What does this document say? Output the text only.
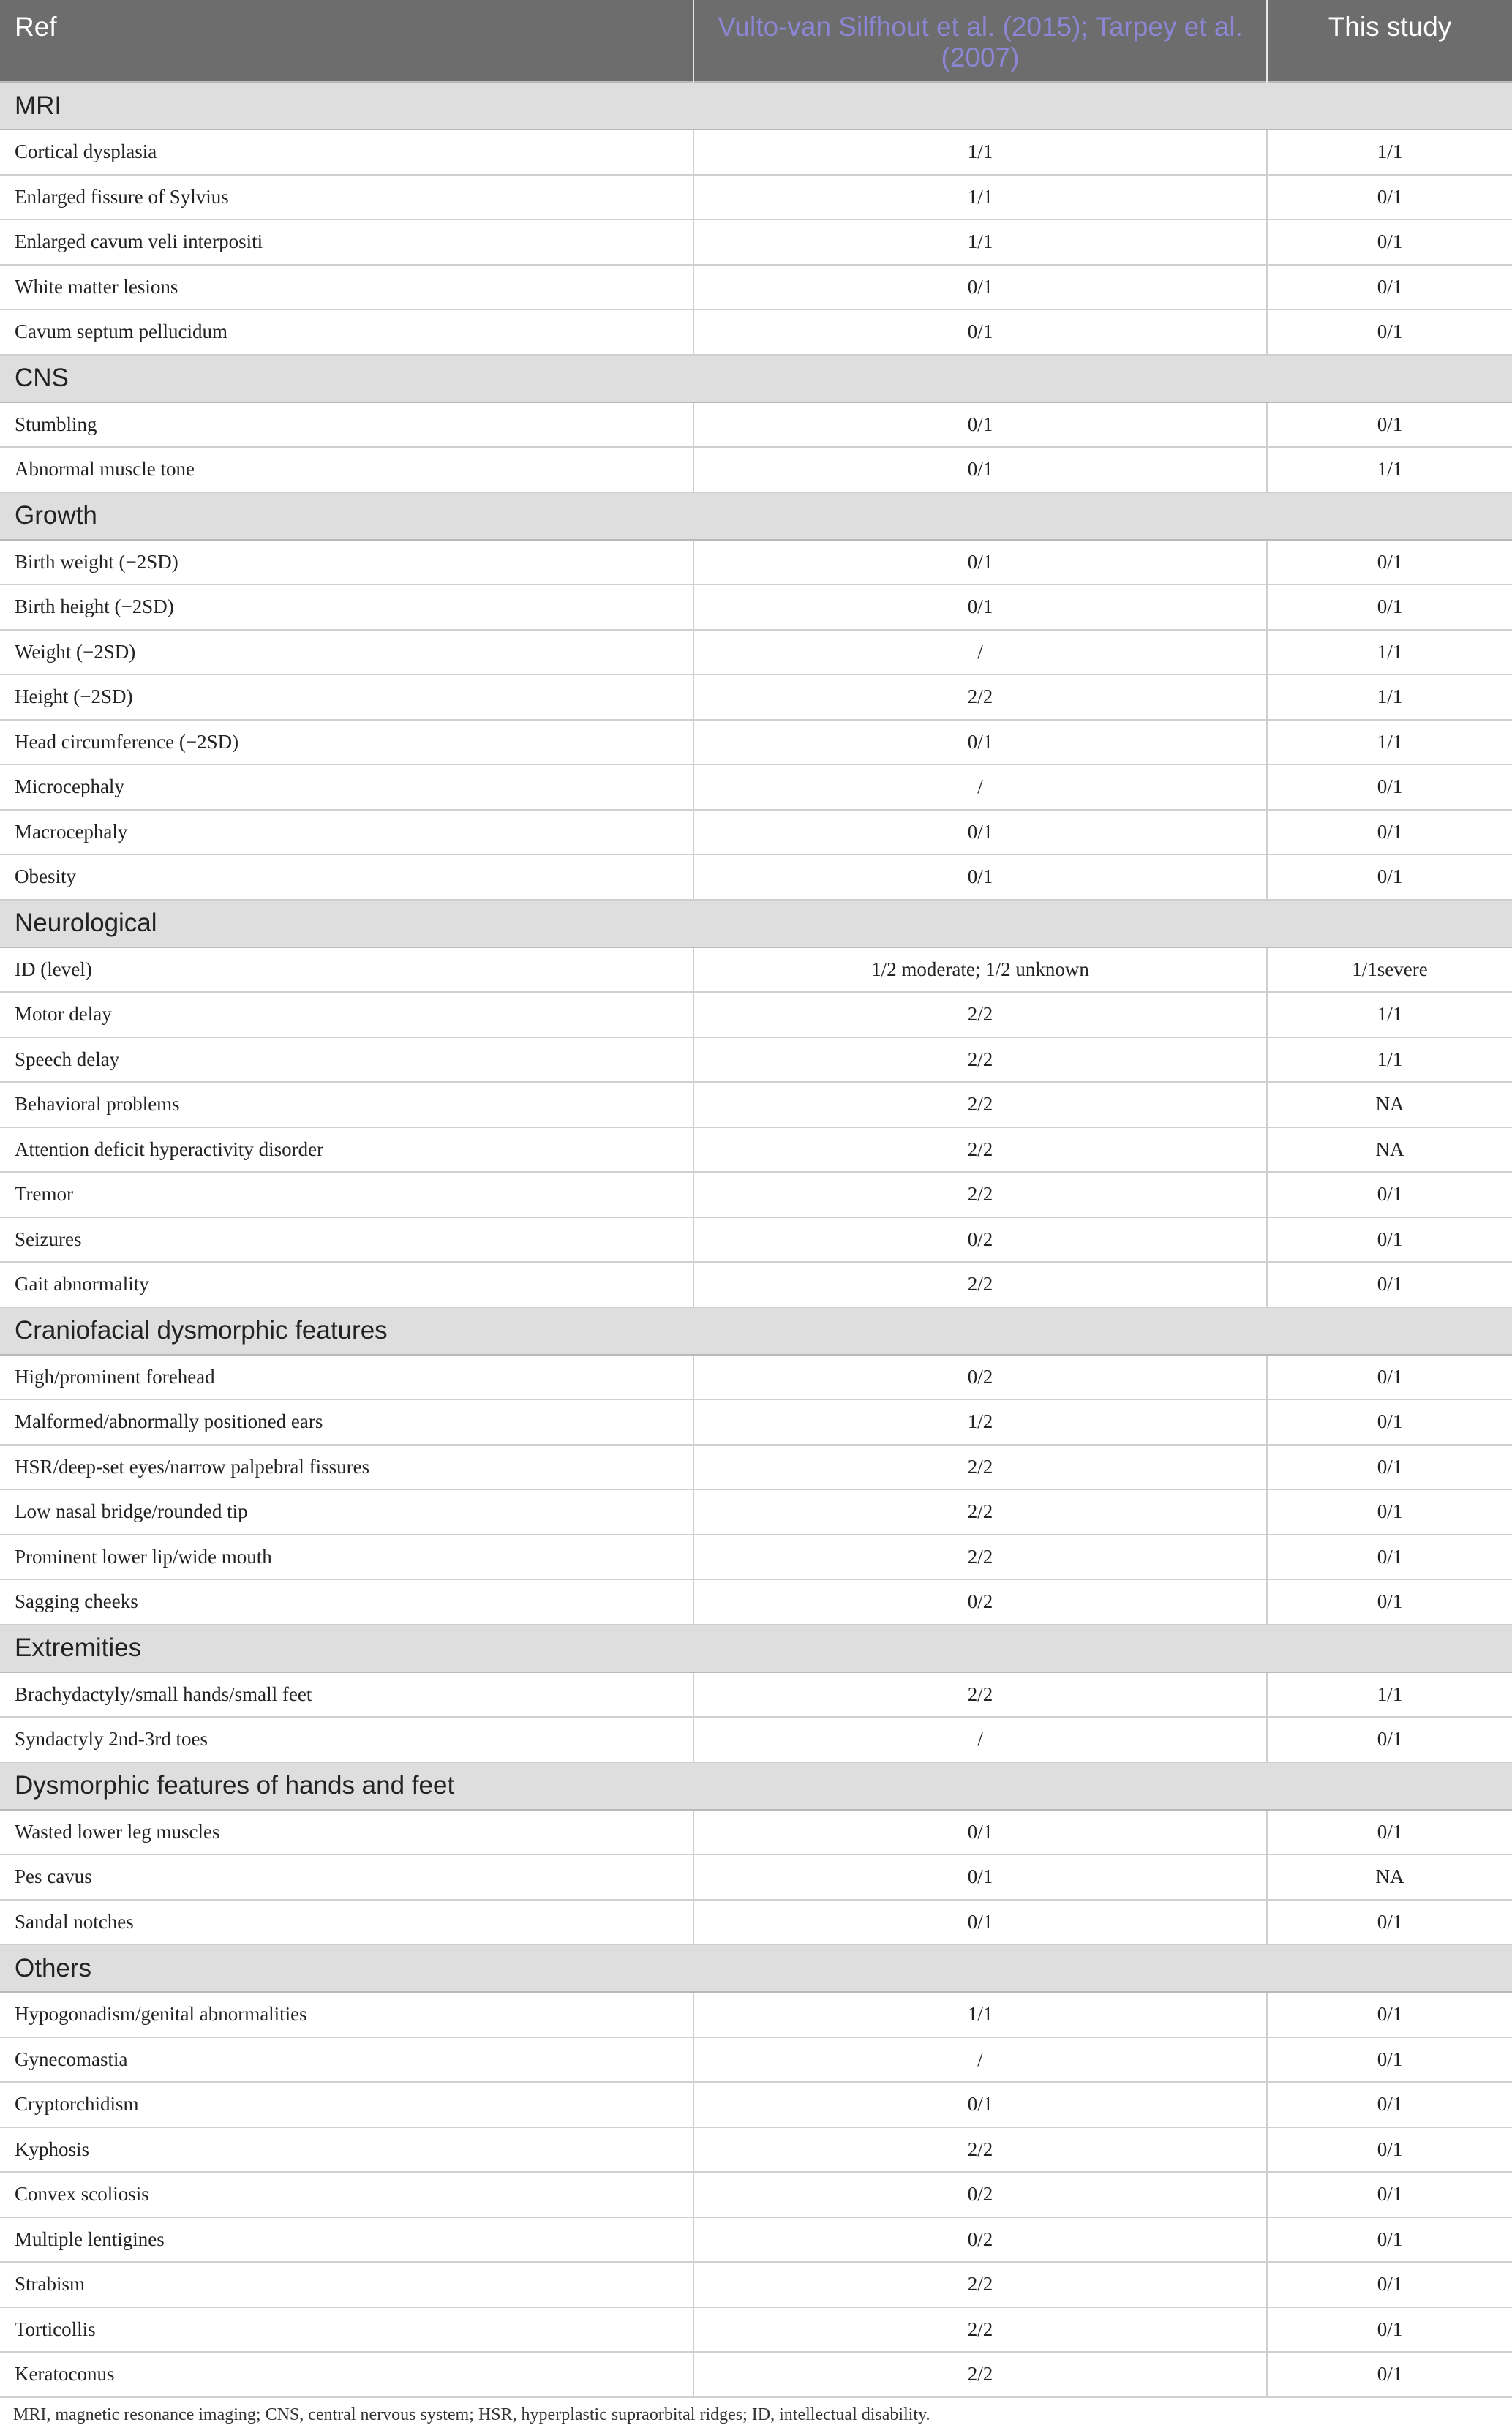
Ref	Vulto-van Silfhout et al. (2015); Tarpey et al. (2007)	This study
MRI		
Cortical dysplasia	1/1	1/1
Enlarged fissure of Sylvius	1/1	0/1
Enlarged cavum veli interpositi	1/1	0/1
White matter lesions	0/1	0/1
Cavum septum pellucidum	0/1	0/1
CNS		
Stumbling	0/1	0/1
Abnormal muscle tone	0/1	1/1
Growth		
Birth weight (−2SD)	0/1	0/1
Birth height (−2SD)	0/1	0/1
Weight (−2SD)	/	1/1
Height (−2SD)	2/2	1/1
Head circumference (−2SD)	0/1	1/1
Microcephaly	/	0/1
Macrocephaly	0/1	0/1
Obesity	0/1	0/1
Neurological		
ID (level)	1/2 moderate; 1/2 unknown	1/1severe
Motor delay	2/2	1/1
Speech delay	2/2	1/1
Behavioral problems	2/2	NA
Attention deficit hyperactivity disorder	2/2	NA
Tremor	2/2	0/1
Seizures	0/2	0/1
Gait abnormality	2/2	0/1
Craniofacial dysmorphic features		
High/prominent forehead	0/2	0/1
Malformed/abnormally positioned ears	1/2	0/1
HSR/deep-set eyes/narrow palpebral fissures	2/2	0/1
Low nasal bridge/rounded tip	2/2	0/1
Prominent lower lip/wide mouth	2/2	0/1
Sagging cheeks	0/2	0/1
Extremities		
Brachydactyly/small hands/small feet	2/2	1/1
Syndactyly 2nd-3rd toes	/	0/1
Dysmorphic features of hands and feet		
Wasted lower leg muscles	0/1	0/1
Pes cavus	0/1	NA
Sandal notches	0/1	0/1
Others		
Hypogonadism/genital abnormalities	1/1	0/1
Gynecomastia	/	0/1
Cryptorchidism	0/1	0/1
Kyphosis	2/2	0/1
Convex scoliosis	0/2	0/1
Multiple lentigines	0/2	0/1
Strabism	2/2	0/1
Torticollis	2/2	0/1
Keratoconus	2/2	0/1
MRI, magnetic resonance imaging; CNS, central nervous system; HSR, hyperplastic supraorbital ridges; ID, intellectual disability.
